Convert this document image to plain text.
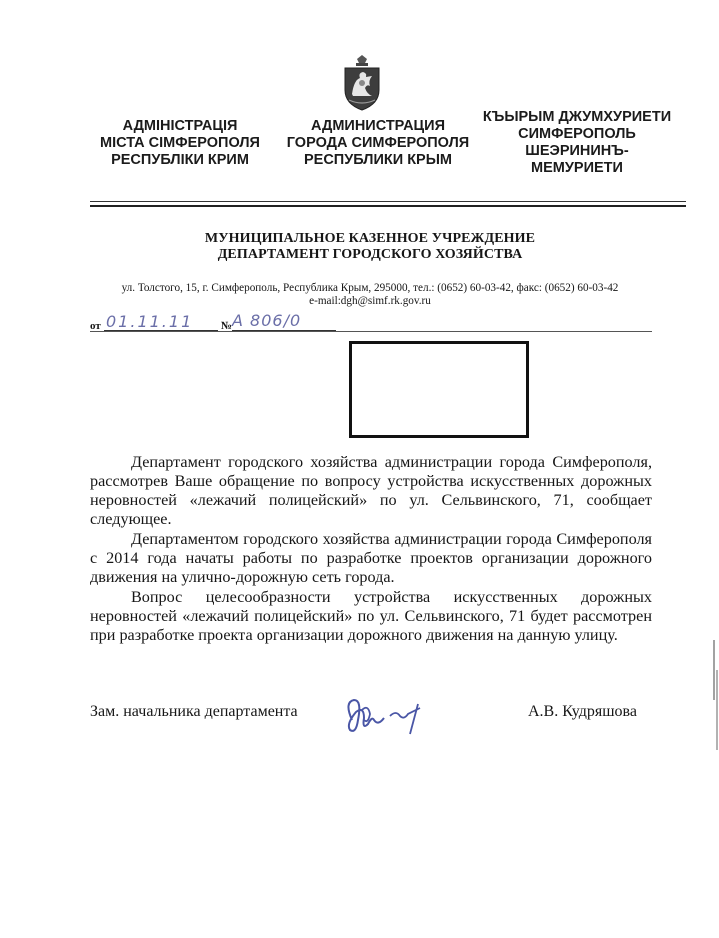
АДМІНІСТРАЦІЯ
МІСТА СІМФЕРОПОЛЯ
РЕСПУБЛІКИ КРИМ
АДМИНИСТРАЦИЯ
ГОРОДА СИМФЕРОПОЛЯ
РЕСПУБЛИКИ КРЫМ
КЪЫРЫМ ДЖУМХУРИЕТИ
СИМФЕРОПОЛЬ
ШЕЭРИНИНЪ-
МЕМУРИЕТИ
МУНИЦИПАЛЬНОЕ КАЗЕННОЕ УЧРЕЖДЕНИЕ
ДЕПАРТАМЕНТ ГОРОДСКОГО ХОЗЯЙСТВА
ул. Толстого, 15, г. Симферополь, Республика Крым, 295000, тел.: (0652) 60-03-42, факс: (0652) 60-03-42
e-mail:dgh@simf.rk.gov.ru
от 01.11.11	№ А 806/0
Департамент городского хозяйства администрации города Симферополя, рассмотрев Ваше обращение по вопросу устройства искусственных дорожных неровностей «лежачий полицейский» по ул. Сельвинского, 71, сообщает следующее.
Департаментом городского хозяйства администрации города Симферополя с 2014 года начаты работы по разработке проектов организации дорожного движения на улично-дорожную сеть города.
Вопрос целесообразности устройства искусственных дорожных неровностей «лежачий полицейский» по ул. Сельвинского, 71 будет рассмотрен при разработке проекта организации дорожного движения на данную улицу.
Зам. начальника департамента	А.В. Кудряшова
